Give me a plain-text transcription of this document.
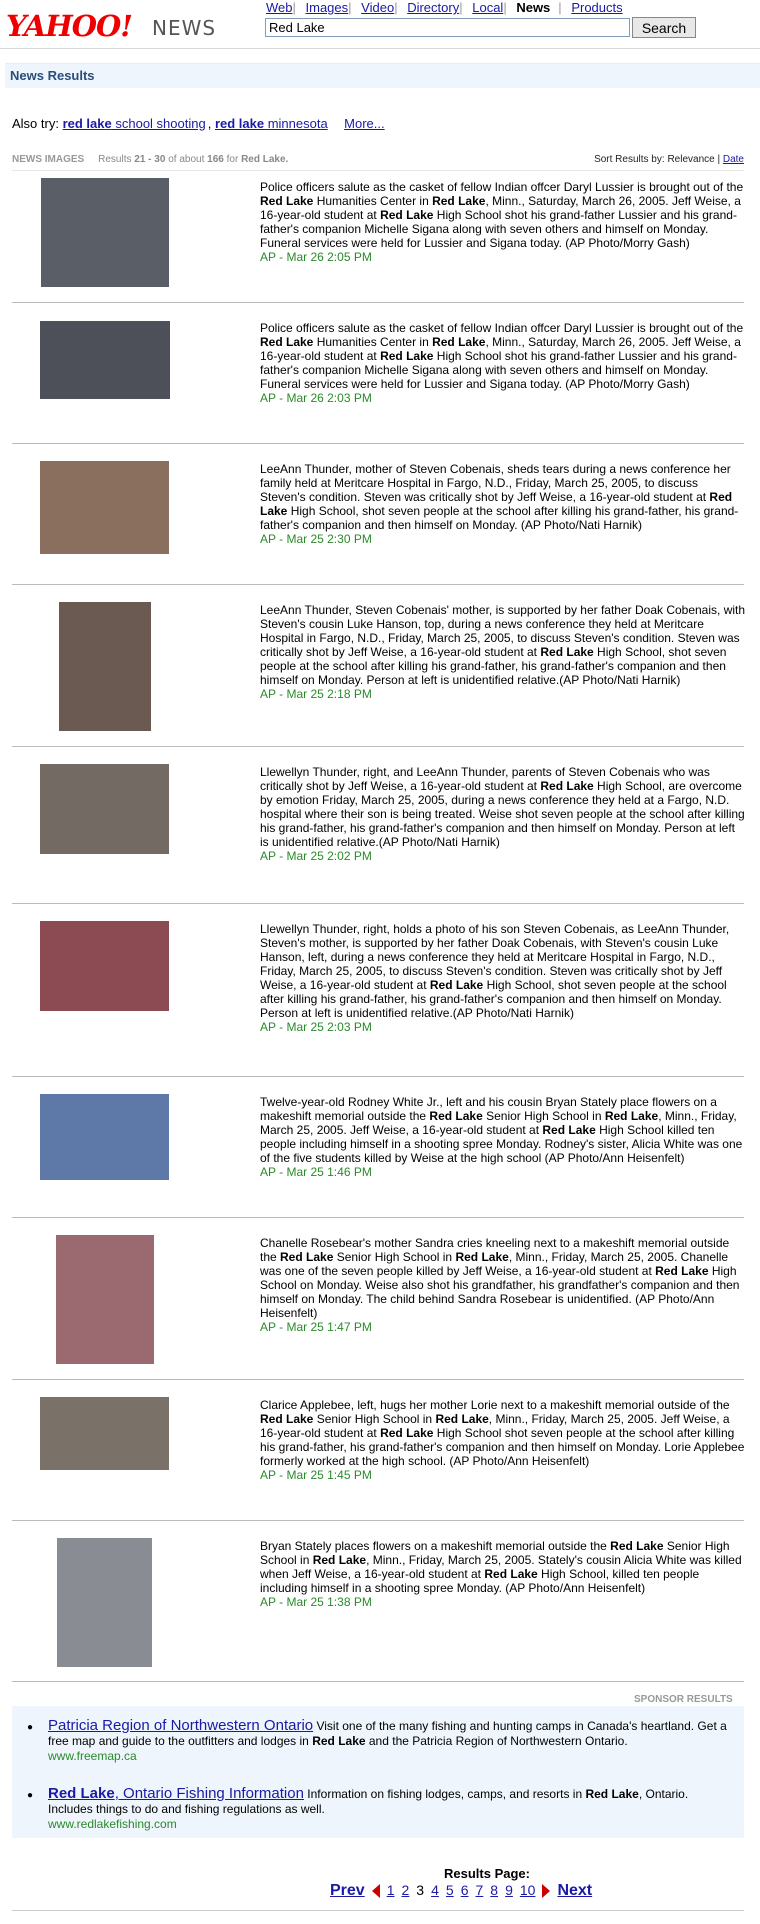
YAHOO! NEWS
Web| Images| Video| Directory| Local| News | Products
Red Lake
Search
News Results
Also try: red lake school shooting , red lake minnesota More...
NEWS IMAGES Results 21 - 30 of about 166 for Red Lake.	Sort Results by: Relevance | Date
Police officers salute as the casket of fellow Indian offcer Daryl Lussier is brought out of the Red Lake Humanities Center in Red Lake, Minn., Saturday, March 26, 2005. Jeff Weise, a 16-year-old student at Red Lake High School shot his grand-father Lussier and his grand-father's companion Michelle Sigana along with seven others and himself on Monday. Funeral services were held for Lussier and Sigana today. (AP Photo/Morry Gash)
AP - Mar 26 2:05 PM
Police officers salute as the casket of fellow Indian offcer Daryl Lussier is brought out of the Red Lake Humanities Center in Red Lake, Minn., Saturday, March 26, 2005. Jeff Weise, a 16-year-old student at Red Lake High School shot his grand-father Lussier and his grand-father's companion Michelle Sigana along with seven others and himself on Monday. Funeral services were held for Lussier and Sigana today. (AP Photo/Morry Gash)
AP - Mar 26 2:03 PM
LeeAnn Thunder, mother of Steven Cobenais, sheds tears during a news conference her family held at Meritcare Hospital in Fargo, N.D., Friday, March 25, 2005, to discuss Steven's condition. Steven was critically shot by Jeff Weise, a 16-year-old student at Red Lake High School, shot seven people at the school after killing his grand-father, his grand-father's companion and then himself on Monday. (AP Photo/Nati Harnik)
AP - Mar 25 2:30 PM
LeeAnn Thunder, Steven Cobenais' mother, is supported by her father Doak Cobenais, with Steven's cousin Luke Hanson, top, during a news conference they held at Meritcare Hospital in Fargo, N.D., Friday, March 25, 2005, to discuss Steven's condition. Steven was critically shot by Jeff Weise, a 16-year-old student at Red Lake High School, shot seven people at the school after killing his grand-father, his grand-father's companion and then himself on Monday. Person at left is unidentified relative.(AP Photo/Nati Harnik)
AP - Mar 25 2:18 PM
Llewellyn Thunder, right, and LeeAnn Thunder, parents of Steven Cobenais who was critically shot by Jeff Weise, a 16-year-old student at Red Lake High School, are overcome by emotion Friday, March 25, 2005, during a news conference they held at a Fargo, N.D. hospital where their son is being treated. Weise shot seven people at the school after killing his grand-father, his grand-father's companion and then himself on Monday. Person at left is unidentified relative.(AP Photo/Nati Harnik)
AP - Mar 25 2:02 PM
Llewellyn Thunder, right, holds a photo of his son Steven Cobenais, as LeeAnn Thunder, Steven's mother, is supported by her father Doak Cobenais, with Steven's cousin Luke Hanson, left, during a news conference they held at Meritcare Hospital in Fargo, N.D., Friday, March 25, 2005, to discuss Steven's condition. Steven was critically shot by Jeff Weise, a 16-year-old student at Red Lake High School, shot seven people at the school after killing his grand-father, his grand-father's companion and then himself on Monday. Person at left is unidentified relative.(AP Photo/Nati Harnik)
AP - Mar 25 2:03 PM
Twelve-year-old Rodney White Jr., left and his cousin Bryan Stately place flowers on a makeshift memorial outside the Red Lake Senior High School in Red Lake, Minn., Friday, March 25, 2005. Jeff Weise, a 16-year-old student at Red Lake High School killed ten people including himself in a shooting spree Monday. Rodney's sister, Alicia White was one of the five students killed by Weise at the high school (AP Photo/Ann Heisenfelt)
AP - Mar 25 1:46 PM
Chanelle Rosebear's mother Sandra cries kneeling next to a makeshift memorial outside the Red Lake Senior High School in Red Lake, Minn., Friday, March 25, 2005. Chanelle was one of the seven people killed by Jeff Weise, a 16-year-old student at Red Lake High School on Monday. Weise also shot his grandfather, his grandfather's companion and then himself on Monday. The child behind Sandra Rosebear is unidentified. (AP Photo/Ann Heisenfelt)
AP - Mar 25 1:47 PM
Clarice Applebee, left, hugs her mother Lorie next to a makeshift memorial outside of the Red Lake Senior High School in Red Lake, Minn., Friday, March 25, 2005. Jeff Weise, a 16-year-old student at Red Lake High School shot seven people at the school after killing his grand-father, his grand-father's companion and then himself on Monday. Lorie Applebee formerly worked at the high school. (AP Photo/Ann Heisenfelt)
AP - Mar 25 1:45 PM
Bryan Stately places flowers on a makeshift memorial outside the Red Lake Senior High School in Red Lake, Minn., Friday, March 25, 2005. Stately's cousin Alicia White was killed when Jeff Weise, a 16-year-old student at Red Lake High School, killed ten people including himself in a shooting spree Monday. (AP Photo/Ann Heisenfelt)
AP - Mar 25 1:38 PM
SPONSOR RESULTS
● Patricia Region of Northwestern Ontario Visit one of the many fishing and hunting camps in Canada's heartland. Get a free map and guide to the outfitters and lodges in Red Lake and the Patricia Region of Northwestern Ontario.
www.freemap.ca
● Red Lake, Ontario Fishing Information Information on fishing lodges, camps, and resorts in Red Lake, Ontario. Includes things to do and fishing regulations as well.
www.redlakefishing.com
Results Page:
Prev 1 2 3 4 5 6 7 8 9 10 Next
